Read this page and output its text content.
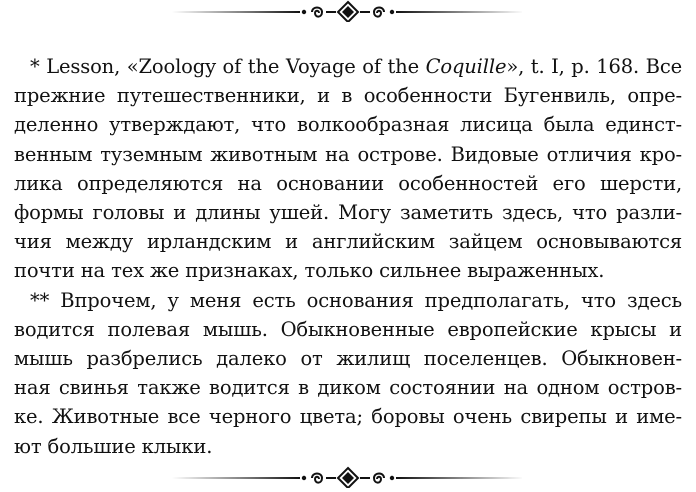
* Lesson, «Zoology of the Voyage of the Coquille», t. I, p. 168. Все
прежние путешественники, и в особенности Бугенвиль, опре-
деленно утверждают, что волкообразная лисица была единст-
венным туземным животным на острове. Видовые отличия кро-
лика определяются на основании особенностей его шерсти,
формы головы и длины ушей. Могу заметить здесь, что разли-
чия между ирландским и английским зайцем основываются
почти на тех же признаках, только сильнее выраженных.

** Впрочем, у меня есть основания предполагать, что здесь
водится полевая мышь. Обыкновенные европейские крысы и
мышь разбрелись далеко от жилищ поселенцев. Обыкновен-
ная свинья также водится в диком состоянии на одном остров-
ке. Животные все черного цвета; боровы очень свирепы и име-
ют большие клыки.
